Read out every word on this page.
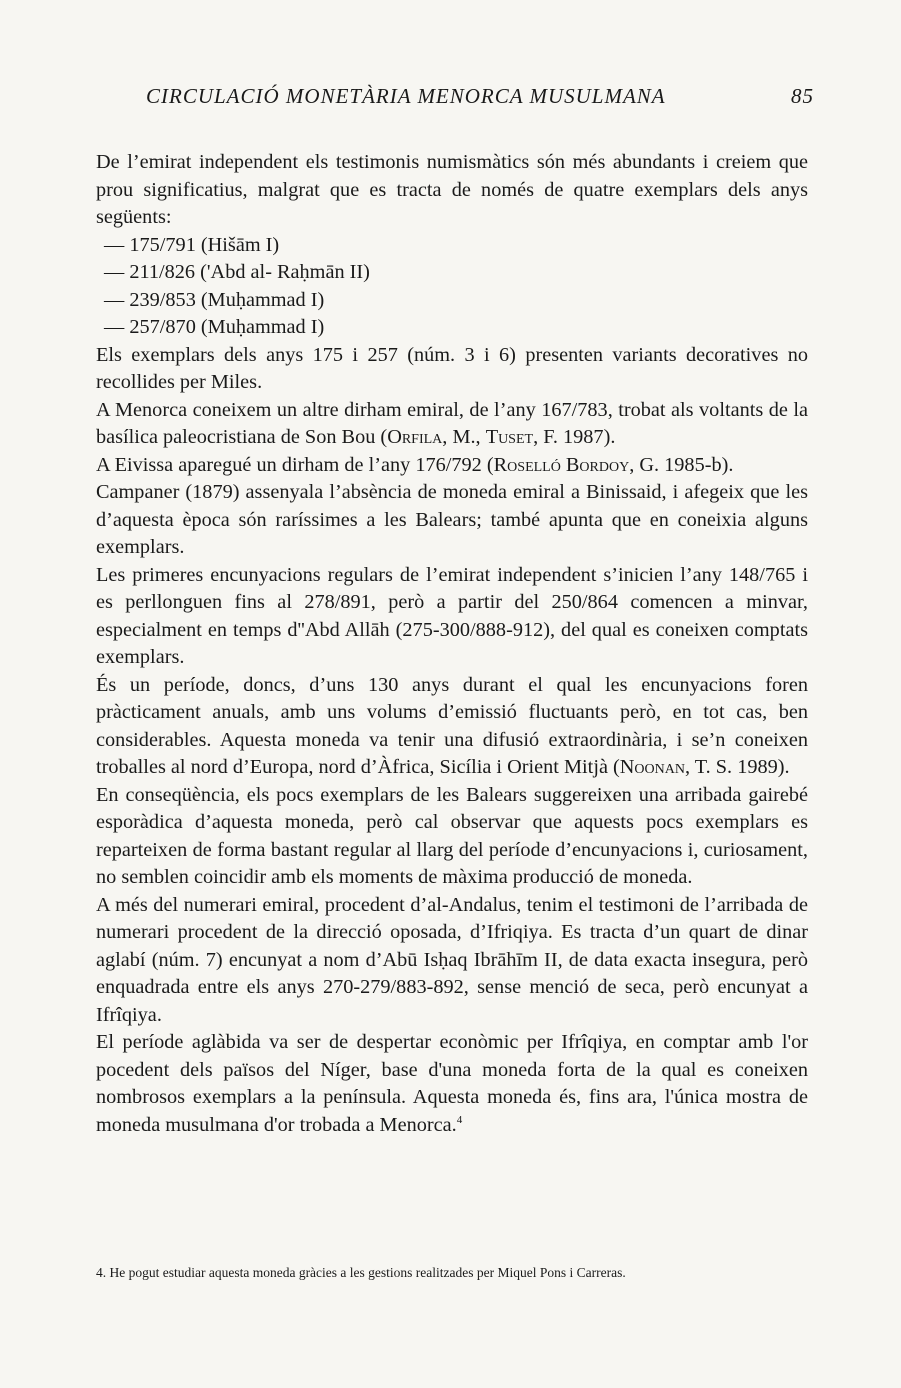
CIRCULACIÓ MONETÀRIA MENORCA MUSULMANA	85

De l’emirat independent els testimonis numismàtics són més abundants i creiem que prou significatius, malgrat que es tracta de només de quatre exemplars dels anys següents:

— 175/791 (Hišām I)
— 211/826 ('Abd al- Raḥmān II)
— 239/853 (Muḥammad I)
— 257/870 (Muḥammad I)

Els exemplars dels anys 175 i 257 (núm. 3 i 6) presenten variants decoratives no recollides per Miles.

A Menorca coneixem un altre dirham emiral, de l’any 167/783, trobat als voltants de la basílica paleocristiana de Son Bou (Orfila, M., Tuset, F. 1987).

A Eivissa aparegué un dirham de l’any 176/792 (Roselló Bordoy, G. 1985-b).

Campaner (1879) assenyala l’absència de moneda emiral a Binissaid, i afegeix que les d’aquesta època són raríssimes a les Balears; també apunta que en coneixia alguns exemplars.

Les primeres encunyacions regulars de l’emirat independent s’inicien l’any 148/765 i es perllonguen fins al 278/891, però a partir del 250/864 comencen a minvar, especialment en temps d''Abd Allāh (275-300/888-912), del qual es coneixen comptats exemplars.

És un període, doncs, d’uns 130 anys durant el qual les encunyacions foren pràcticament anuals, amb uns volums d’emissió fluctuants però, en tot cas, ben considerables. Aquesta moneda va tenir una difusió extraordinària, i se’n coneixen troballes al nord d’Europa, nord d’Àfrica, Sicília i Orient Mitjà (Noonan, T. S. 1989).

En conseqüència, els pocs exemplars de les Balears suggereixen una arribada gairebé esporàdica d’aquesta moneda, però cal observar que aquests pocs exemplars es reparteixen de forma bastant regular al llarg del període d’encunyacions i, curiosament, no semblen coincidir amb els moments de màxima producció de moneda.

A més del numerari emiral, procedent d’al-Andalus, tenim el testimoni de l’arribada de numerari procedent de la direcció oposada, d’Ifriqiya. Es tracta d’un quart de dinar aglabí (núm. 7) encunyat a nom d’Abū Isḥaq Ibrāhīm II, de data exacta insegura, però enquadrada entre els anys 270-279/883-892, sense menció de seca, però encunyat a Ifrîqiya.

El període aglàbida va ser de despertar econòmic per Ifrîqiya, en comptar amb l'or pocedent dels països del Níger, base d'una moneda forta de la qual es coneixen nombrosos exemplars a la península. Aquesta moneda és, fins ara, l'única mostra de moneda musulmana d'or trobada a Menorca.$^4$

4. He pogut estudiar aquesta moneda gràcies a les gestions realitzades per Miquel Pons i Carreras.
